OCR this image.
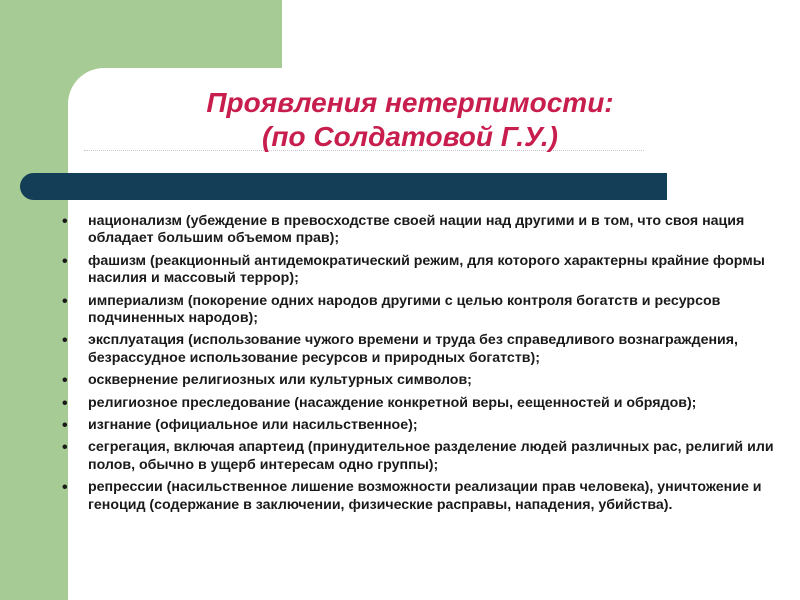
Проявления нетерпимости:
(по Солдатовой Г.У.)
• национализм (убеждение в превосходстве своей нации над другими и в том, что своя нация обладает большим объемом прав);
• фашизм (реакционный антидемократический режим, для которого характерны крайние формы насилия и массовый террор);
• империализм (покорение одних народов другими с целью контроля богатств и ресурсов подчиненных народов);
• эксплуатация (использование чужого времени и труда без справедливого вознаграждения, безрассудное использование ресурсов и природных богатств);
• осквернение религиозных или культурных символов;
• религиозное преследование (насаждение конкретной веры, еещенностей и обрядов);
• изгнание (официальное или насильственное);
• сегрегация, включая апартеид (принудительное разделение людей различных рас, религий или полов, обычно в ущерб интересам одно группы);
• репрессии (насильственное лишение возможности реализации прав человека), уничтожение и геноцид (содержание в заключении, физические расправы, нападения, убийства).
